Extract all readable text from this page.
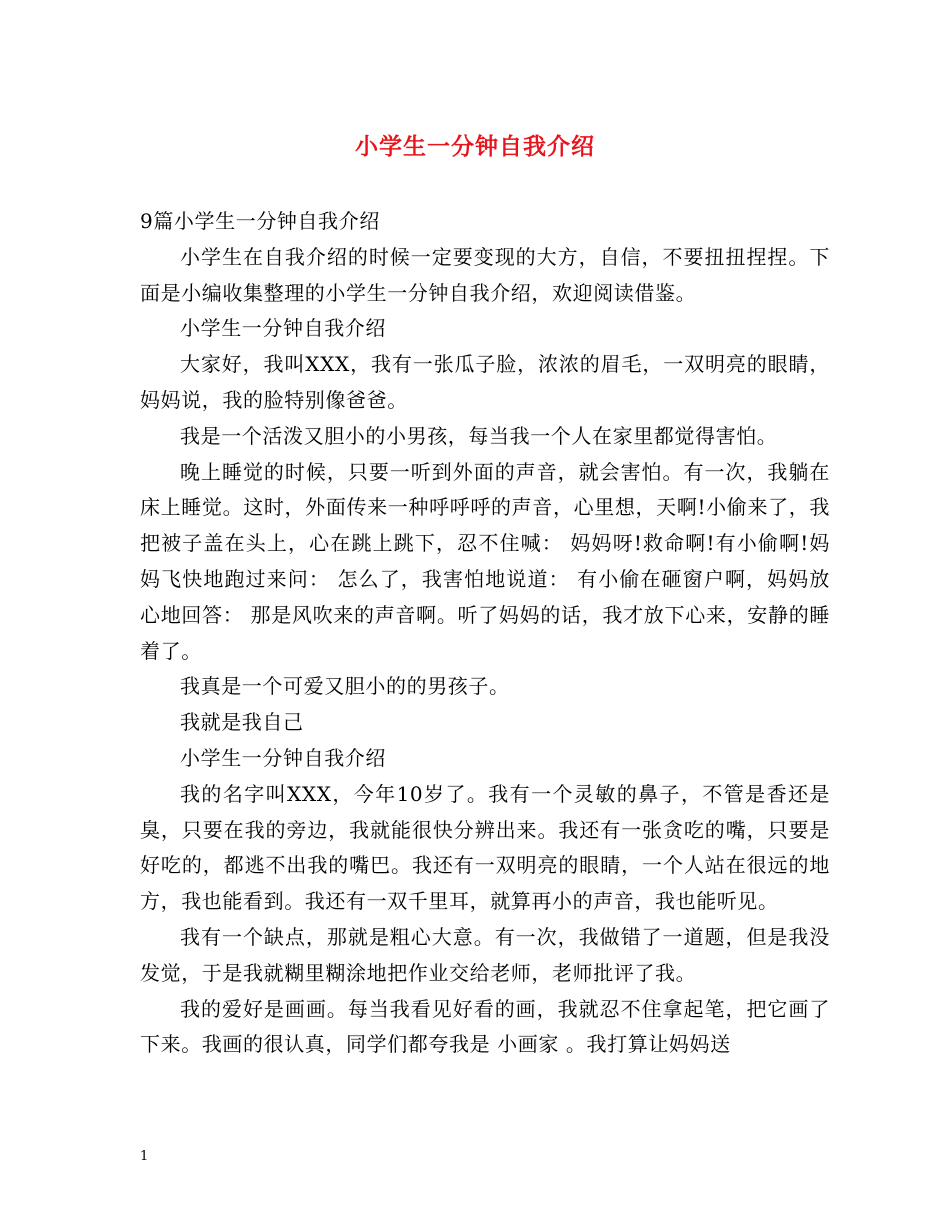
小学生一分钟自我介绍

9篇小学生一分钟自我介绍

小学生在自我介绍的时候一定要变现的大方，自信，不要扭扭捏捏。下面是小编收集整理的小学生一分钟自我介绍，欢迎阅读借鉴。

小学生一分钟自我介绍

大家好，我叫XXX，我有一张瓜子脸，浓浓的眉毛，一双明亮的眼睛，妈妈说，我的脸特别像爸爸。

我是一个活泼又胆小的小男孩，每当我一个人在家里都觉得害怕。

晚上睡觉的时候，只要一听到外面的声音，就会害怕。有一次，我躺在床上睡觉。这时，外面传来一种呼呼呼的声音，心里想，天啊!小偷来了，我把被子盖在头上，心在跳上跳下，忍不住喊： 妈妈呀!救命啊!有小偷啊!妈妈飞快地跑过来问： 怎么了，我害怕地说道： 有小偷在砸窗户啊，妈妈放心地回答： 那是风吹来的声音啊。听了妈妈的话，我才放下心来，安静的睡着了。

我真是一个可爱又胆小的的男孩子。

我就是我自己

小学生一分钟自我介绍

我的名字叫XXX，今年10岁了。我有一个灵敏的鼻子，不管是香还是臭，只要在我的旁边，我就能很快分辨出来。我还有一张贪吃的嘴，只要是好吃的，都逃不出我的嘴巴。我还有一双明亮的眼睛，一个人站在很远的地方，我也能看到。我还有一双千里耳，就算再小的声音，我也能听见。

我有一个缺点，那就是粗心大意。有一次，我做错了一道题，但是我没发觉，于是我就糊里糊涂地把作业交给老师，老师批评了我。

我的爱好是画画。每当我看见好看的画，我就忍不住拿起笔，把它画了下来。我画的很认真，同学们都夸我是 小画家 。我打算让妈妈送

1
